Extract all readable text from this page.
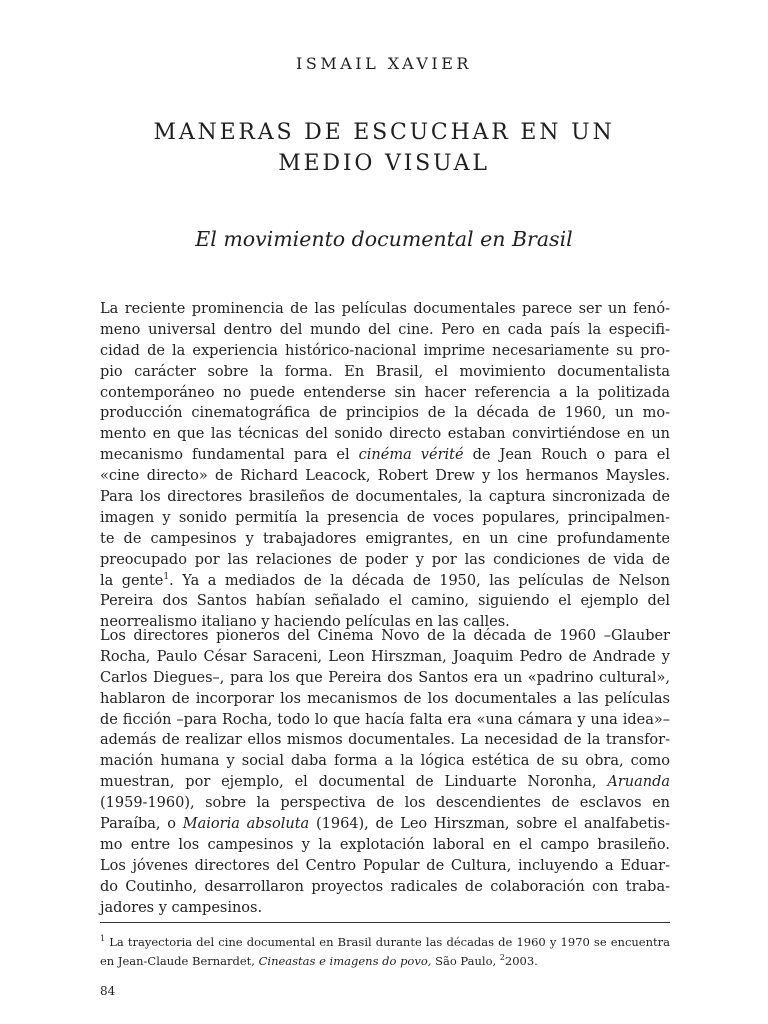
ISMAIL XAVIER
MANERAS DE ESCUCHAR EN UN
MEDIO VISUAL
El movimiento documental en Brasil
La reciente prominencia de las películas documentales parece ser un fenó-
meno universal dentro del mundo del cine. Pero en cada país la especifi-
cidad de la experiencia histórico-nacional imprime necesariamente su pro-
pio carácter sobre la forma. En Brasil, el movimiento documentalista
contemporáneo no puede entenderse sin hacer referencia a la politizada
producción cinematográfica de principios de la década de 1960, un mo-
mento en que las técnicas del sonido directo estaban convirtiéndose en un
mecanismo fundamental para el cinéma vérité de Jean Rouch o para el
«cine directo» de Richard Leacock, Robert Drew y los hermanos Maysles.
Para los directores brasileños de documentales, la captura sincronizada de
imagen y sonido permitía la presencia de voces populares, principalmen-
te de campesinos y trabajadores emigrantes, en un cine profundamente
preocupado por las relaciones de poder y por las condiciones de vida de
la gente$^1$. Ya a mediados de la década de 1950, las películas de Nelson
Pereira dos Santos habían señalado el camino, siguiendo el ejemplo del
neorrealismo italiano y haciendo películas en las calles.
Los directores pioneros del Cinema Novo de la década de 1960 –Glauber
Rocha, Paulo César Saraceni, Leon Hirszman, Joaquim Pedro de Andrade y
Carlos Diegues–, para los que Pereira dos Santos era un «padrino cultural»,
hablaron de incorporar los mecanismos de los documentales a las películas
de ficción –para Rocha, todo lo que hacía falta era «una cámara y una idea»–
además de realizar ellos mismos documentales. La necesidad de la transfor-
mación humana y social daba forma a la lógica estética de su obra, como
muestran, por ejemplo, el documental de Linduarte Noronha, Aruanda
(1959-1960), sobre la perspectiva de los descendientes de esclavos en
Paraíba, o Maioria absoluta (1964), de Leo Hirszman, sobre el analfabetis-
mo entre los campesinos y la explotación laboral en el campo brasileño.
Los jóvenes directores del Centro Popular de Cultura, incluyendo a Eduar-
do Coutinho, desarrollaron proyectos radicales de colaboración con traba-
jadores y campesinos.
$^1$ La trayectoria del cine documental en Brasil durante las décadas de 1960 y 1970 se encuentra
en Jean-Claude Bernardet, Cineastas e imagens do povo, São Paulo, $^2$2003.
84
